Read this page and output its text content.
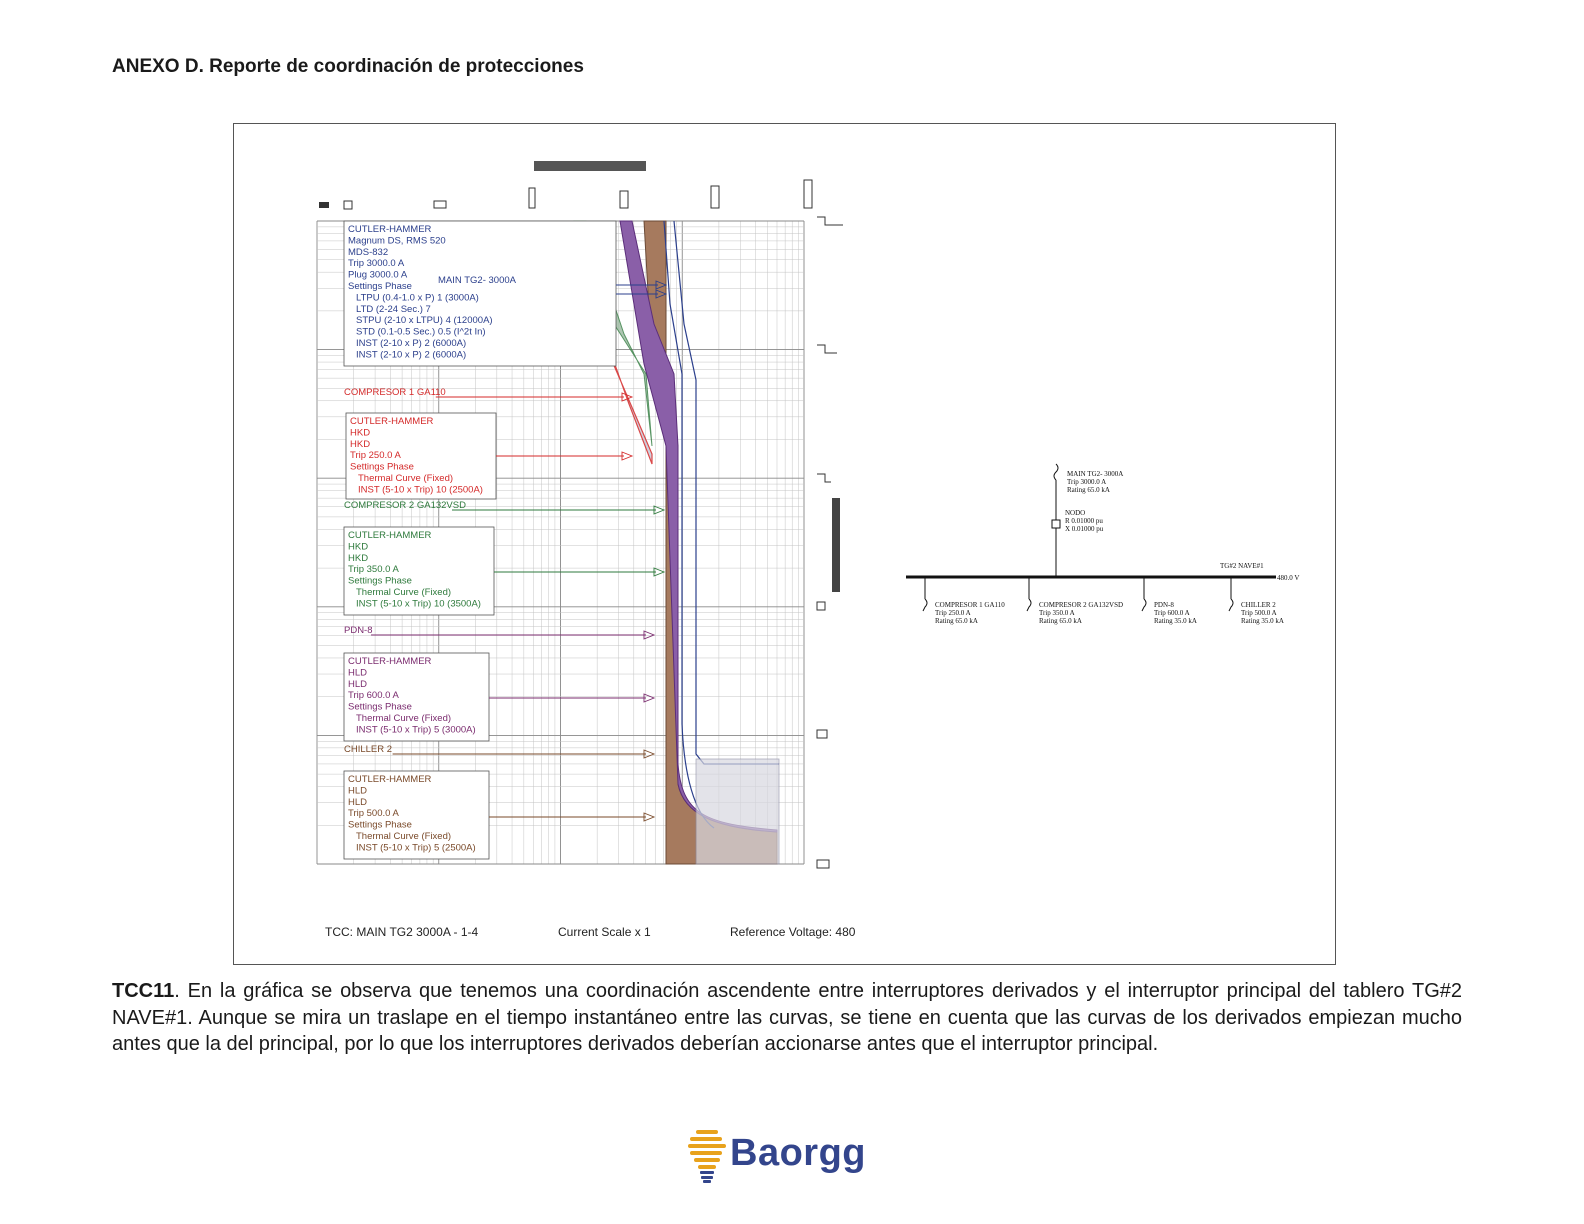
ANEXO D. Reporte de coordinación de protecciones
CUTLER-HAMMER
Magnum DS, RMS 520
MDS-832
Trip 3000.0 A
Plug 3000.0 A
Settings Phase
LTPU (0.4-1.0 x P) 1 (3000A)
LTD (2-24 Sec.) 7
STPU (2-10 x LTPU) 4 (12000A)
STD (0.1-0.5 Sec.) 0.5 (I^2t In)
INST (2-10 x P) 2 (6000A)
INST (2-10 x P) 2 (6000A)
MAIN TG2- 3000A
CUTLER-HAMMER
HKD
HKD
Trip 250.0 A
Settings Phase
Thermal Curve (Fixed)
INST (5-10 x Trip) 10 (2500A)
COMPRESOR 1 GA110
CUTLER-HAMMER
HKD
HKD
Trip 350.0 A
Settings Phase
Thermal Curve (Fixed)
INST (5-10 x Trip) 10 (3500A)
COMPRESOR 2 GA132VSD
CUTLER-HAMMER
HLD
HLD
Trip 600.0 A
Settings Phase
Thermal Curve (Fixed)
INST (5-10 x Trip) 5 (3000A)
PDN-8
CUTLER-HAMMER
HLD
HLD
Trip 500.0 A
Settings Phase
Thermal Curve (Fixed)
INST (5-10 x Trip) 5 (2500A)
CHILLER 2
MAIN TG2- 3000A
Trip 3000.0 A
Rating 65.0 kA
NODO
R 0.01000 pu
X 0.01000 pu
TG#2 NAVE#1
480.0 V
COMPRESOR 1 GA110
Trip 250.0 A
Rating 65.0 kA
COMPRESOR 2 GA132VSD
Trip 350.0 A
Rating 65.0 kA
PDN-8
Trip 600.0 A
Rating 35.0 kA
CHILLER 2
Trip 500.0 A
Rating 35.0 kA
TCC: MAIN TG2 3000A - 1-4	Current Scale x 1	Reference Voltage: 480
TCC11. En la gráfica se observa que tenemos una coordinación ascendente entre interruptores derivados y el interruptor principal del tablero TG#2 NAVE#1. Aunque se mira un traslape en el tiempo instantáneo entre las curvas, se tiene en cuenta que las curvas de los derivados empiezan mucho antes que la del principal, por lo que los interruptores derivados deberían accionarse antes que el interruptor principal.
Baorgg
